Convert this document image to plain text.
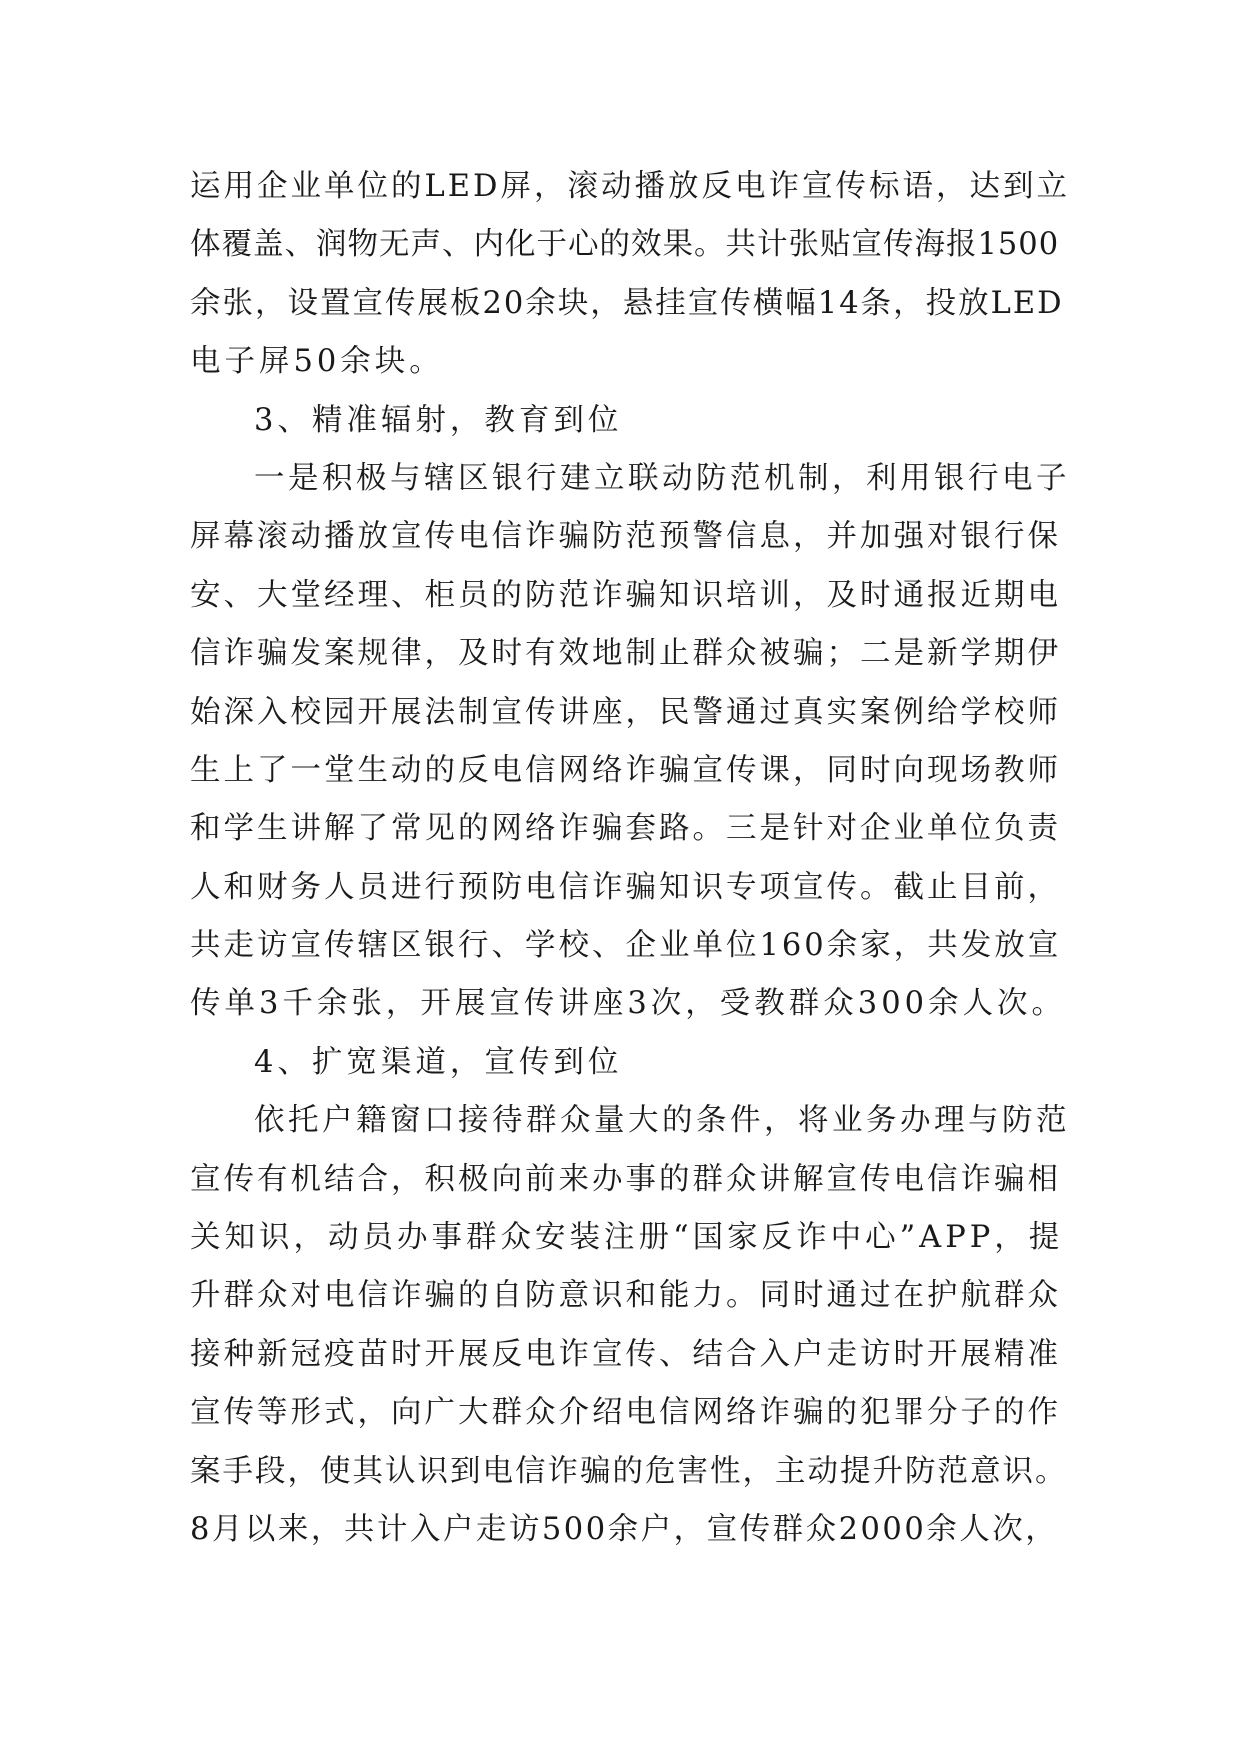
运用企业单位的LED屏，滚动播放反电诈宣传标语，达到立
体覆盖、润物无声、内化于心的效果。共计张贴宣传海报1500
余张，设置宣传展板20余块，悬挂宣传横幅14条，投放LED
电子屏50余块。
3、精准辐射，教育到位
一是积极与辖区银行建立联动防范机制，利用银行电子
屏幕滚动播放宣传电信诈骗防范预警信息，并加强对银行保
安、大堂经理、柜员的防范诈骗知识培训，及时通报近期电
信诈骗发案规律，及时有效地制止群众被骗；二是新学期伊
始深入校园开展法制宣传讲座，民警通过真实案例给学校师
生上了一堂生动的反电信网络诈骗宣传课，同时向现场教师
和学生讲解了常见的网络诈骗套路。三是针对企业单位负责
人和财务人员进行预防电信诈骗知识专项宣传。截止目前，
共走访宣传辖区银行、学校、企业单位160余家，共发放宣
传单3千余张，开展宣传讲座3次，受教群众300余人次。
4、扩宽渠道，宣传到位
依托户籍窗口接待群众量大的条件，将业务办理与防范
宣传有机结合，积极向前来办事的群众讲解宣传电信诈骗相
关知识，动员办事群众安装注册“国家反诈中心”APP，提
升群众对电信诈骗的自防意识和能力。同时通过在护航群众
接种新冠疫苗时开展反电诈宣传、结合入户走访时开展精准
宣传等形式，向广大群众介绍电信网络诈骗的犯罪分子的作
案手段，使其认识到电信诈骗的危害性，主动提升防范意识。
8月以来，共计入户走访500余户，宣传群众2000余人次，
